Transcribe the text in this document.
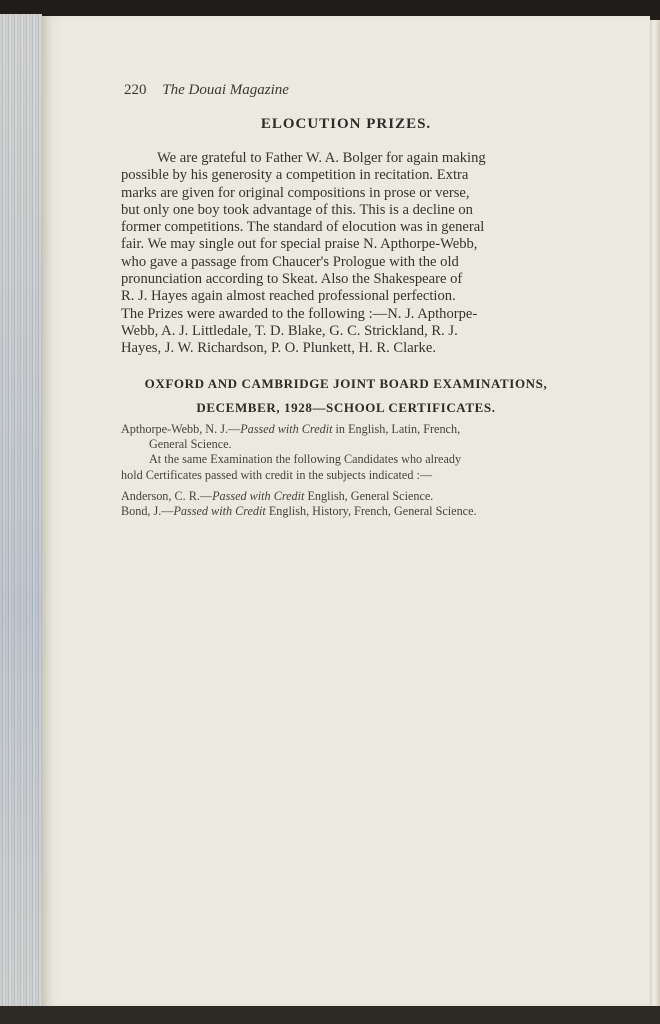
220 The Douai Magazine
ELOCUTION PRIZES.
We are grateful to Father W. A. Bolger for again making
possible by his generosity a competition in recitation. Extra
marks are given for original compositions in prose or verse,
but only one boy took advantage of this. This is a decline on
former competitions. The standard of elocution was in general
fair. We may single out for special praise N. Apthorpe-Webb,
who gave a passage from Chaucer's Prologue with the old
pronunciation according to Skeat. Also the Shakespeare of
R. J. Hayes again almost reached professional perfection.
The Prizes were awarded to the following :—N. J. Apthorpe-
Webb, A. J. Littledale, T. D. Blake, G. C. Strickland, R. J.
Hayes, J. W. Richardson, P. O. Plunkett, H. R. Clarke.
OXFORD AND CAMBRIDGE JOINT BOARD EXAMINATIONS,
DECEMBER, 1928—SCHOOL CERTIFICATES.
Apthorpe-Webb, N. J.—Passed with Credit in English, Latin, French,
General Science.
At the same Examination the following Candidates who already
hold Certificates passed with credit in the subjects indicated :—
Anderson, C. R.—Passed with Credit English, General Science.
Bond, J.—Passed with Credit English, History, French, General Science.
